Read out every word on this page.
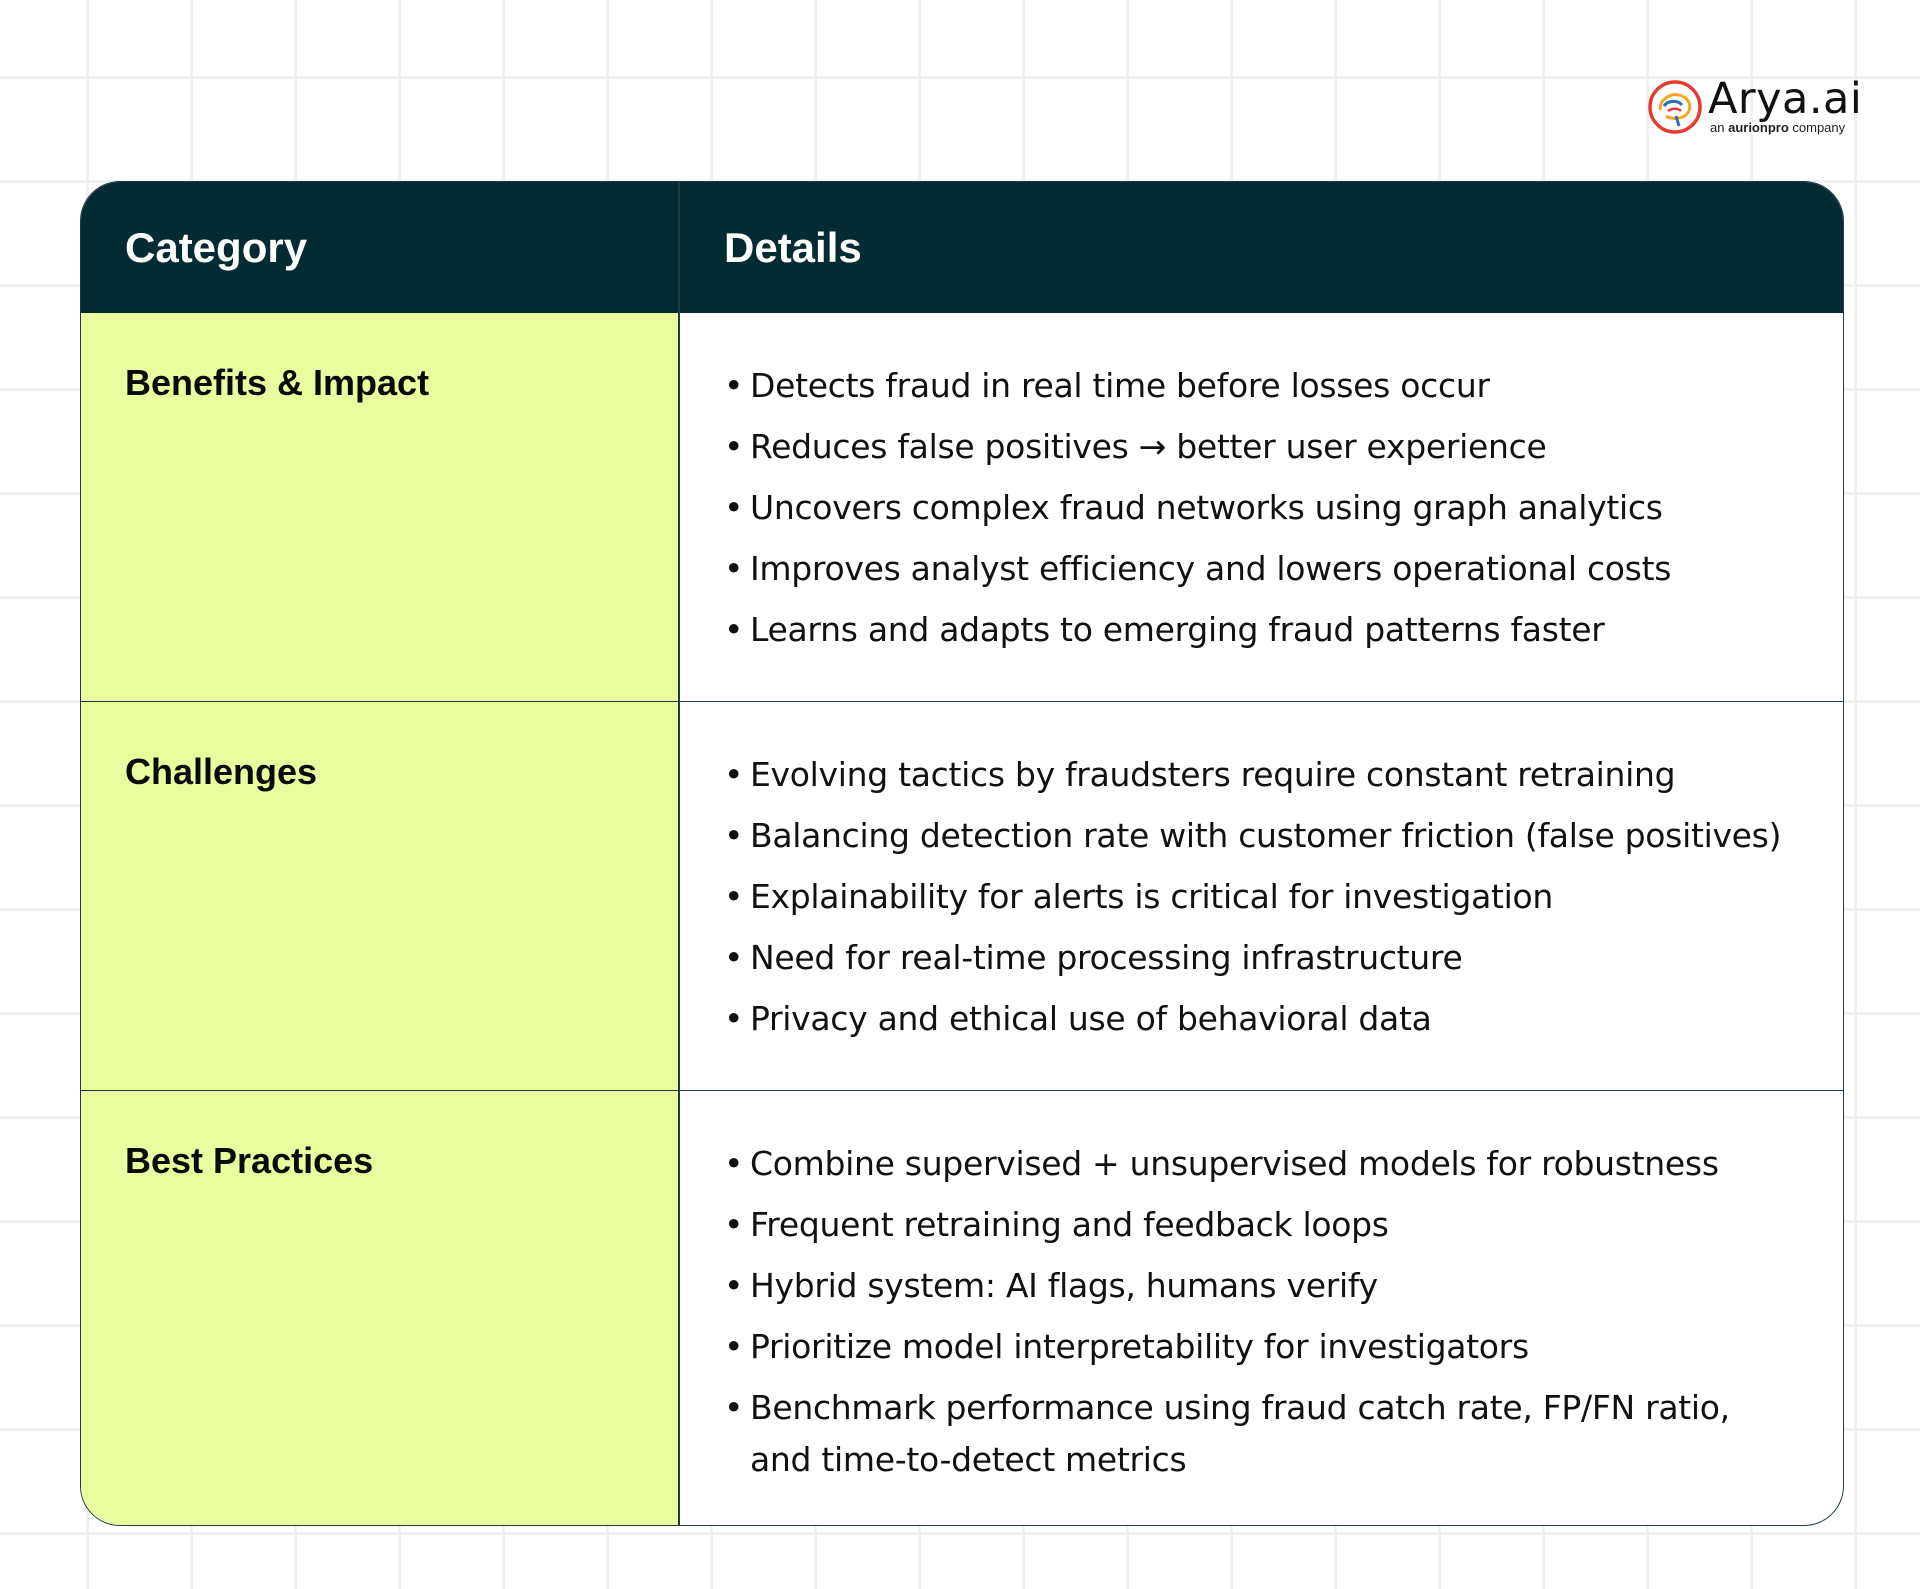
Arya.ai
an aurionpro company
Category	Details
Benefits & Impact	• Detects fraud in real time before losses occur
• Reduces false positives → better user experience
• Uncovers complex fraud networks using graph analytics
• Improves analyst efficiency and lowers operational costs
• Learns and adapts to emerging fraud patterns faster
Challenges	• Evolving tactics by fraudsters require constant retraining
• Balancing detection rate with customer friction (false positives)
• Explainability for alerts is critical for investigation
• Need for real-time processing infrastructure
• Privacy and ethical use of behavioral data
Best Practices	• Combine supervised + unsupervised models for robustness
• Frequent retraining and feedback loops
• Hybrid system: AI flags, humans verify
• Prioritize model interpretability for investigators
• Benchmark performance using fraud catch rate, FP/FN ratio, and time-to-detect metrics
